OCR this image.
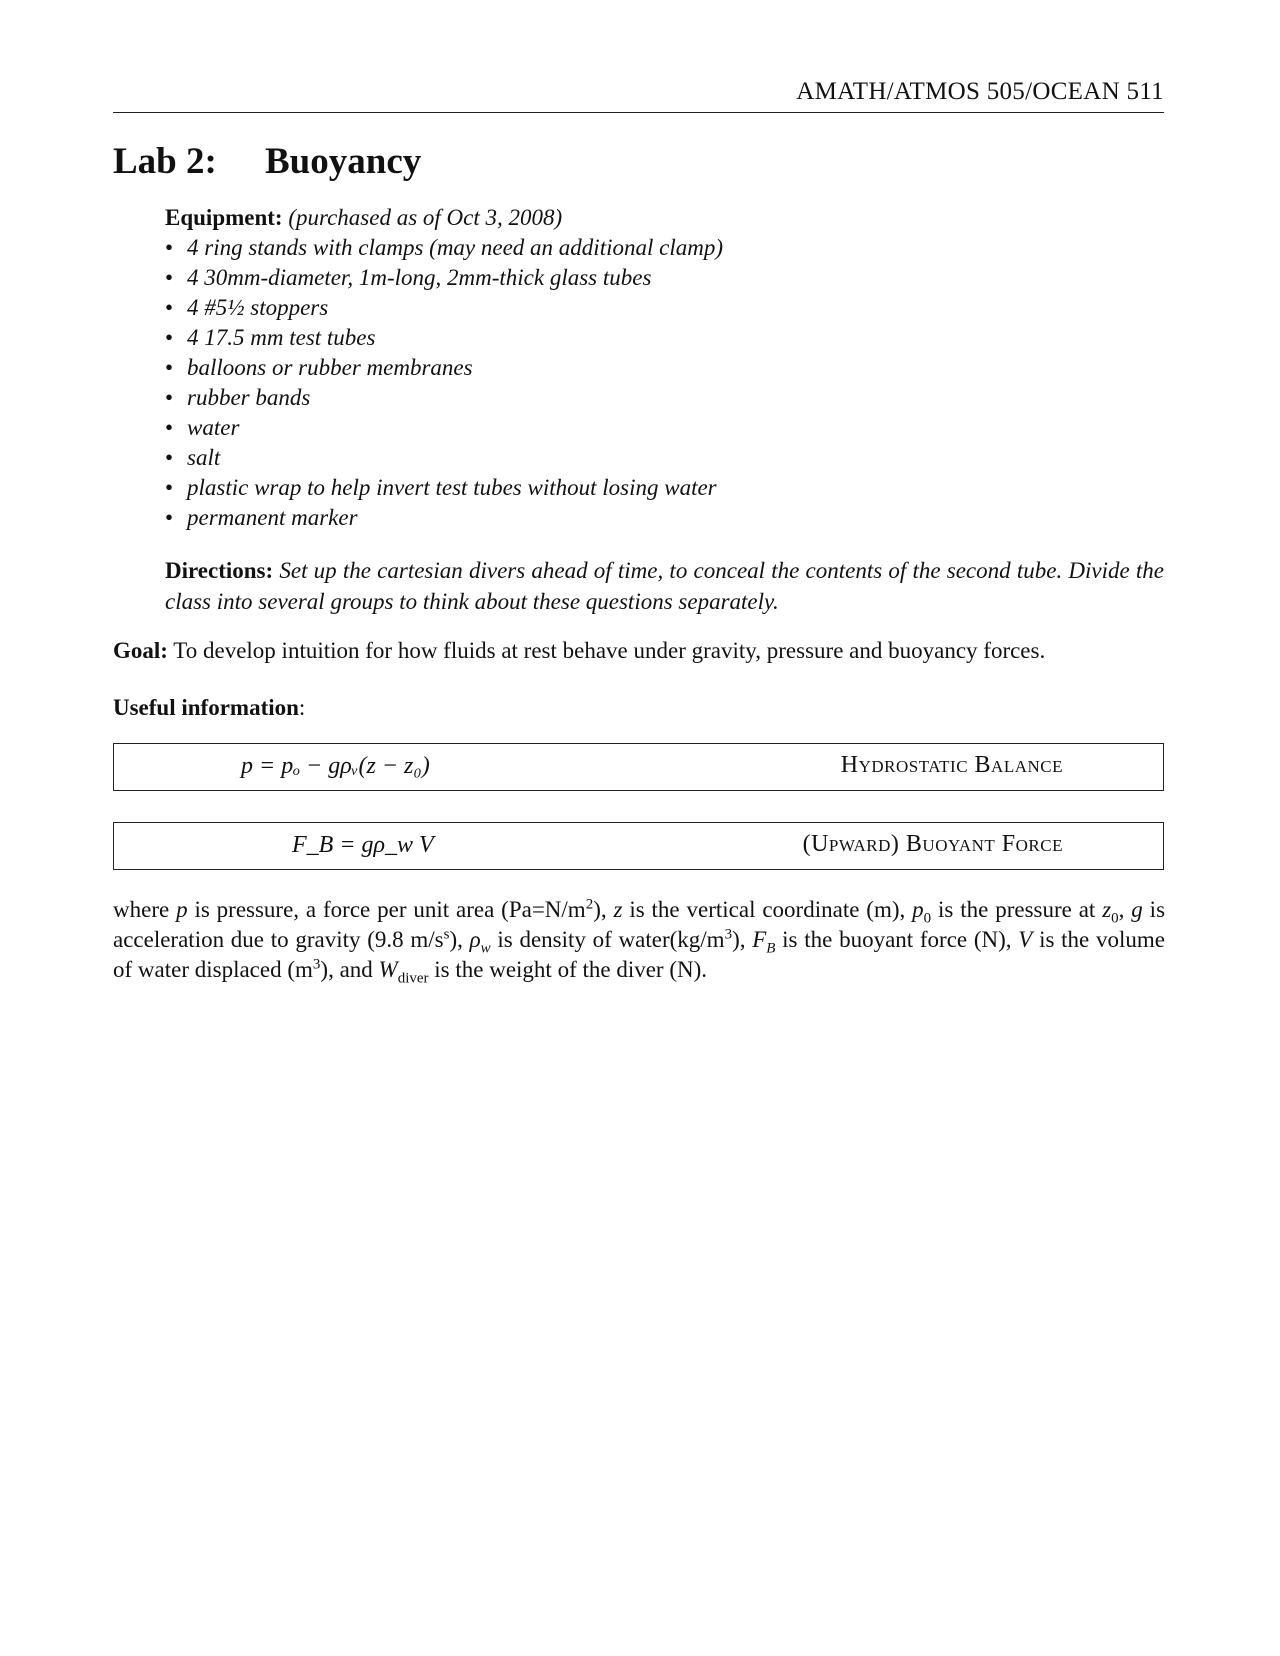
AMATH/ATMOS 505/OCEAN 511
Lab 2: Buoyancy
Equipment: (purchased as of Oct 3, 2008)
• 4 ring stands with clamps (may need an additional clamp)
• 4 30mm-diameter, 1m-long, 2mm-thick glass tubes
• 4 #5½ stoppers
• 4 17.5 mm test tubes
• balloons or rubber membranes
• rubber bands
• water
• salt
• plastic wrap to help invert test tubes without losing water
• permanent marker
Directions: Set up the cartesian divers ahead of time, to conceal the contents of the second tube. Divide the class into several groups to think about these questions separately.
Goal: To develop intuition for how fluids at rest behave under gravity, pressure and buoyancy forces.
Useful information:
p = pₒ − gρᵥ(z − z₀)	Hydrostatic Balance
F_B = gρ_w V	(Upward) Buoyant Force
where p is pressure, a force per unit area $(Pa=N/m^2)$, z is the vertical coordinate (m), $p_0$ is the pressure at $z_0$, g is acceleration due to gravity (9.8 $m/s^s$), $\rho_w$ is density of $water(kg/m^3)$, $F_B$ is the buoyant force (N), V is the volume of water displaced $(m^3)$, and $W_{diver}$ is the weight of the diver (N).
